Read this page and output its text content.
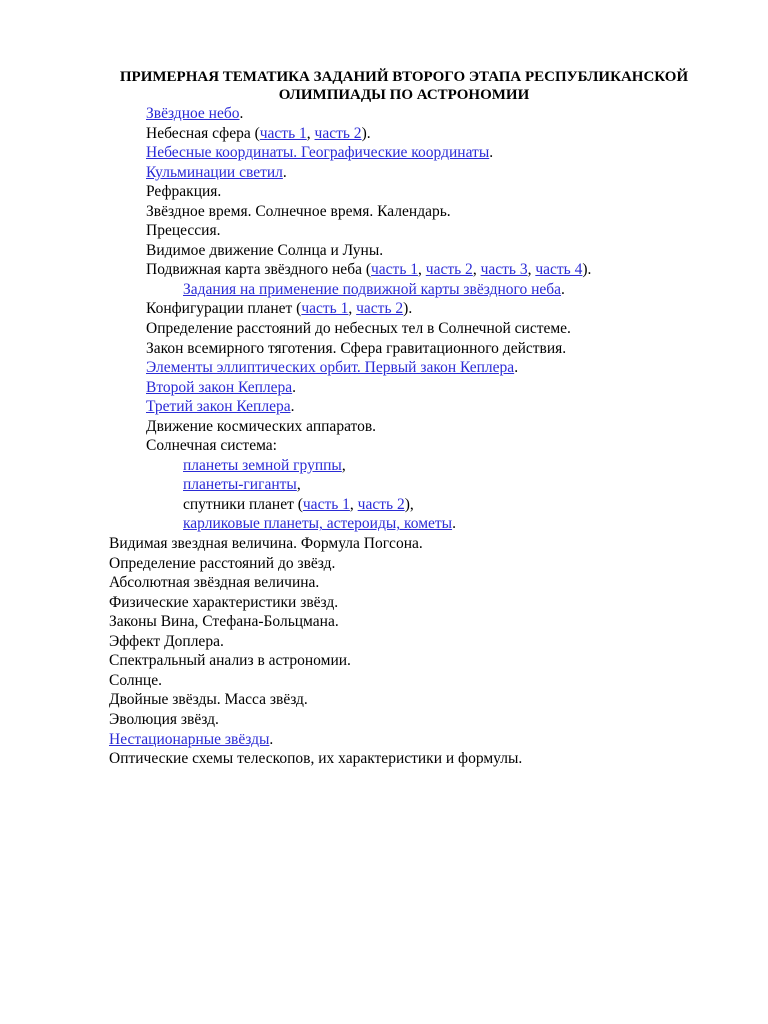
ПРИМЕРНАЯ ТЕМАТИКА ЗАДАНИЙ ВТОРОГО ЭТАПА РЕСПУБЛИКАНСКОЙ
ОЛИМПИАДЫ ПО АСТРОНОМИИ
Звёздное небо.
Небесная сфера (часть 1, часть 2).
Небесные координаты. Географические координаты.
Кульминации светил.
Рефракция.
Звёздное время. Солнечное время. Календарь.
Прецессия.
Видимое движение Солнца и Луны.
Подвижная карта звёздного неба (часть 1, часть 2, часть 3, часть 4).
Задания на применение подвижной карты звёздного неба.
Конфигурации планет (часть 1, часть 2).
Определение расстояний до небесных тел в Солнечной системе.
Закон всемирного тяготения. Сфера гравитационного действия.
Элементы эллиптических орбит. Первый закон Кеплера.
Второй закон Кеплера.
Третий закон Кеплера.
Движение космических аппаратов.
Солнечная система:
планеты земной группы,
планеты-гиганты,
спутники планет (часть 1, часть 2),
карликовые планеты, астероиды, кометы.
Видимая звездная величина. Формула Погсона.
Определение расстояний до звёзд.
Абсолютная звёздная величина.
Физические характеристики звёзд.
Законы Вина, Стефана-Больцмана.
Эффект Доплера.
Спектральный анализ в астрономии.
Солнце.
Двойные звёзды. Масса звёзд.
Эволюция звёзд.
Нестационарные звёзды.
Оптические схемы телескопов, их характеристики и формулы.
